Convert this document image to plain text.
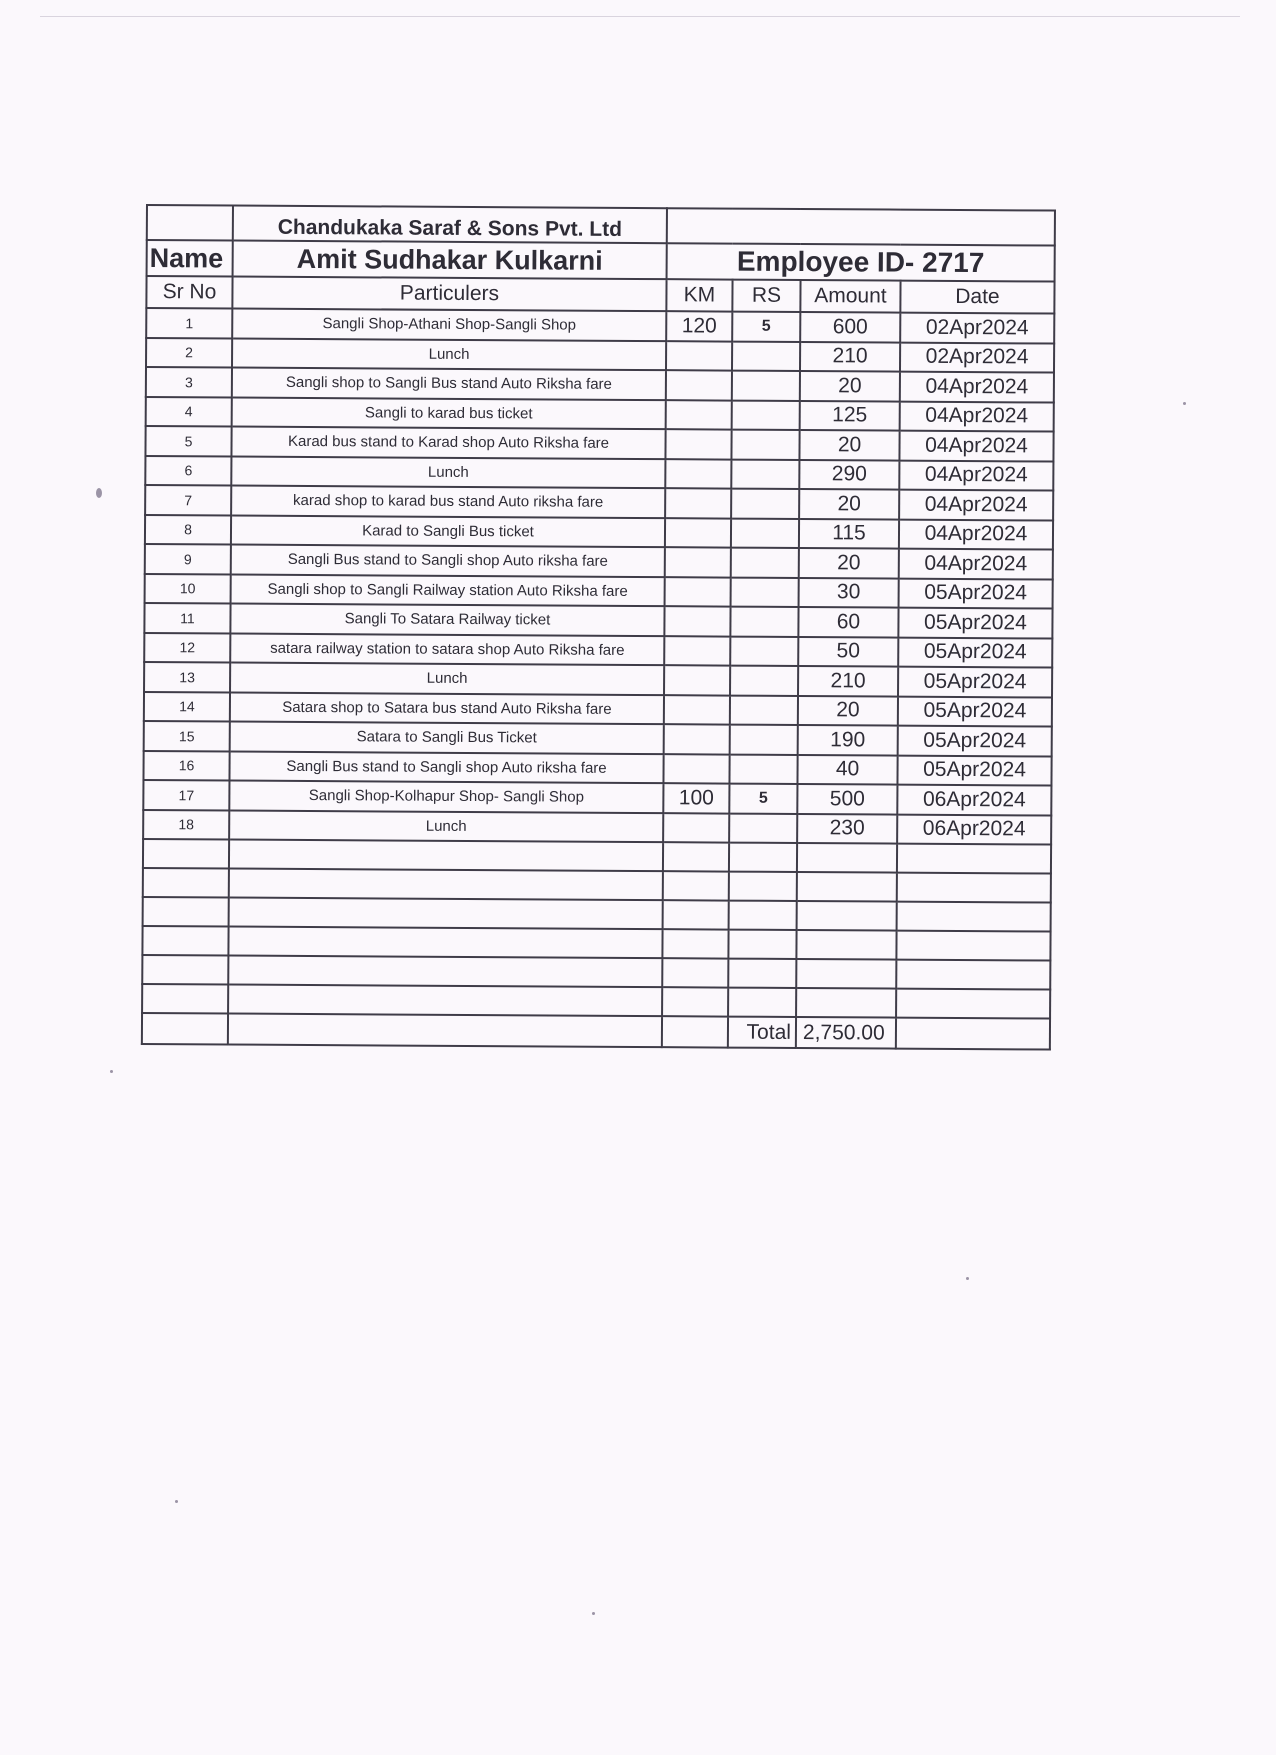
	Chandukaka Saraf & Sons Pvt. Ltd				
Name	Amit Sudhakar Kulkarni	Employee ID- 2717			
Sr No	Particulers	KM	RS	Amount	Date
1	Sangli Shop-Athani Shop-Sangli Shop	120	5	600	02Apr2024
2	Lunch			210	02Apr2024
3	Sangli shop to Sangli Bus stand Auto Riksha fare			20	04Apr2024
4	Sangli to karad bus ticket			125	04Apr2024
5	Karad bus stand to Karad shop Auto Riksha fare			20	04Apr2024
6	Lunch			290	04Apr2024
7	karad shop to karad bus stand Auto riksha fare			20	04Apr2024
8	Karad to Sangli Bus ticket			115	04Apr2024
9	Sangli Bus stand to Sangli shop Auto riksha fare			20	04Apr2024
10	Sangli shop to Sangli Railway station Auto Riksha fare			30	05Apr2024
11	Sangli To Satara Railway ticket			60	05Apr2024
12	satara railway station to satara shop Auto Riksha fare			50	05Apr2024
13	Lunch			210	05Apr2024
14	Satara shop to Satara bus stand Auto Riksha fare			20	05Apr2024
15	Satara to Sangli Bus Ticket			190	05Apr2024
16	Sangli Bus stand to Sangli shop Auto riksha fare			40	05Apr2024
17	Sangli Shop-Kolhapur Shop- Sangli Shop	100	5	500	06Apr2024
18	Lunch			230	06Apr2024

			Total	2,750.00	
